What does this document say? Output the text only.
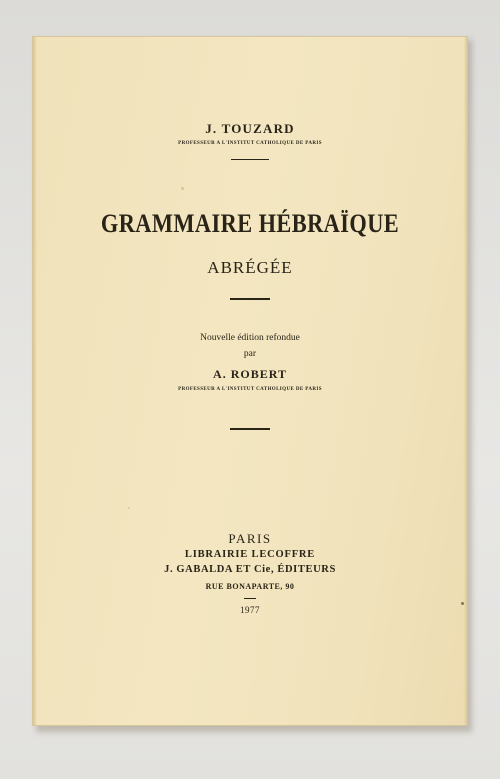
J. TOUZARD
PROFESSEUR A L'INSTITUT CATHOLIQUE DE PARIS
GRAMMAIRE HÉBRAÏQUE
ABRÉGÉE
Nouvelle édition refondue
par
A. ROBERT
PROFESSEUR A L'INSTITUT CATHOLIQUE DE PARIS
PARIS
LIBRAIRIE LECOFFRE
J. GABALDA ET Cie, ÉDITEURS
RUE BONAPARTE, 90
1977
